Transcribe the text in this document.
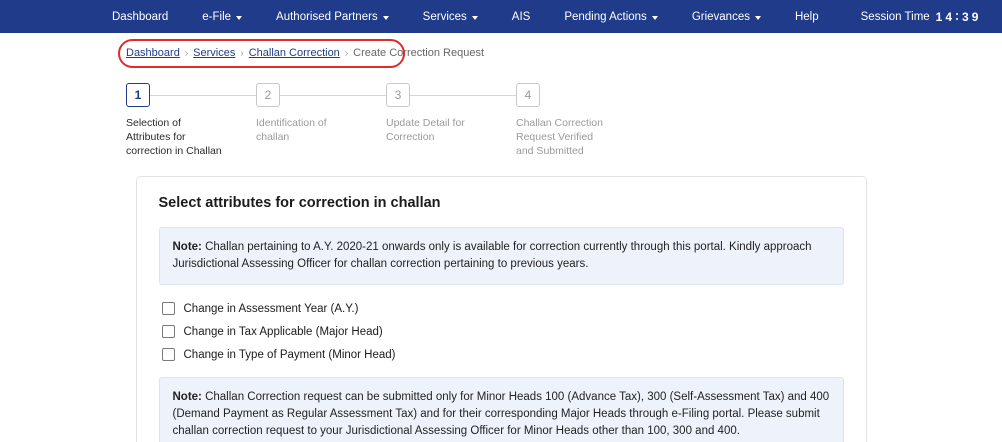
Dashboard	e-File	Authorised Partners	Services	AIS	Pending Actions	Grievances	Help	Session Time 1 4 3 9
Dashboard › Services › Challan Correction › Create Correction Request
1
Selection of Attributes for correction in Challan
2
Identification of challan
3
Update Detail for Correction
4
Challan Correction Request Verified and Submitted
Select attributes for correction in challan
Note: Challan pertaining to A.Y. 2020-21 onwards only is available for correction currently through this portal. Kindly approach Jurisdictional Assessing Officer for challan correction pertaining to previous years.
Change in Assessment Year (A.Y.)
Change in Tax Applicable (Major Head)
Change in Type of Payment (Minor Head)
Note: Challan Correction request can be submitted only for Minor Heads 100 (Advance Tax), 300 (Self-Assessment Tax) and 400 (Demand Payment as Regular Assessment Tax) and for their corresponding Major Heads through e-Filing portal. Please submit challan correction request to your Jurisdictional Assessing Officer for Minor Heads other than 100, 300 and 400.
